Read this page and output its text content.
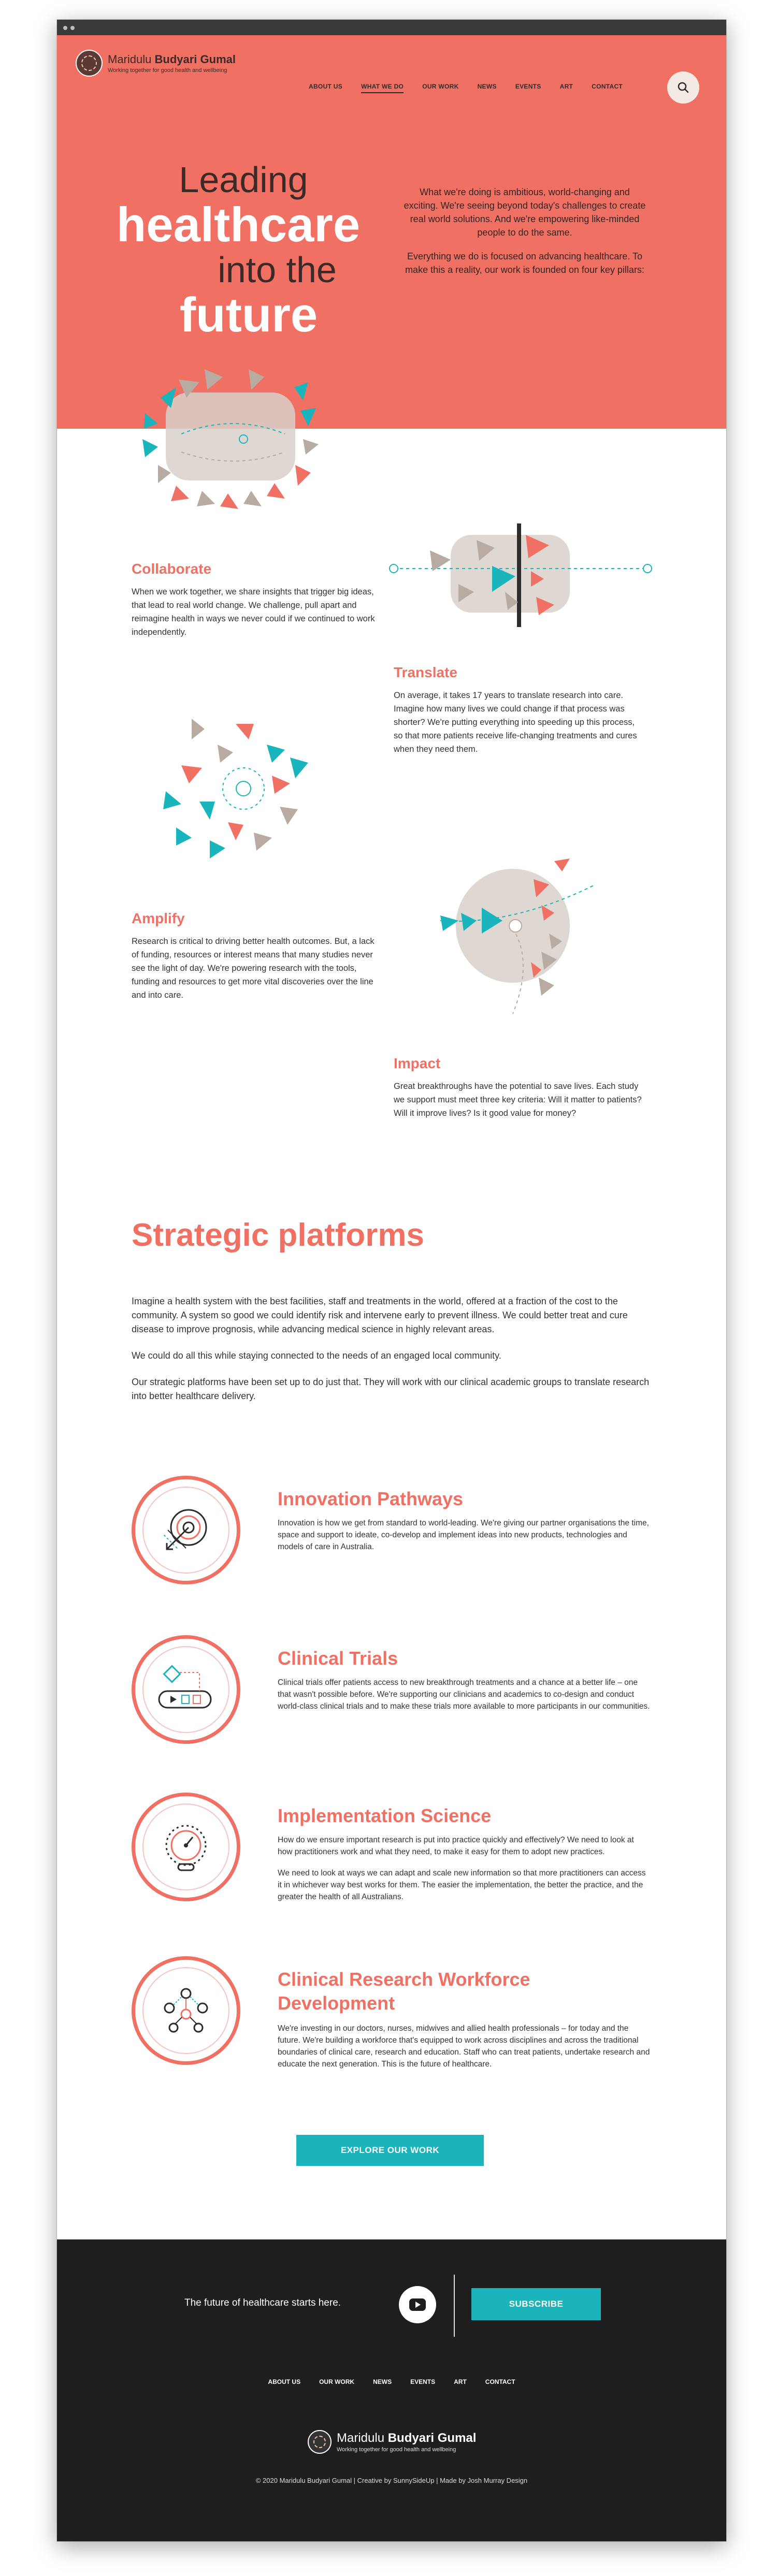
Maridulu Budyari Gumal
Working together for good health and wellbeing
ABOUT US	WHAT WE DO	OUR WORK	NEWS	EVENTS	ART	CONTACT
Leading
healthcare
into the
future

What we're doing is ambitious, world-changing and exciting. We're seeing beyond today's challenges to create real world solutions. And we're empowering like-minded people to do the same.

Everything we do is focused on advancing healthcare. To make this a reality, our work is founded on four key pillars:

Collaborate

When we work together, we share insights that trigger big ideas, that lead to real world change. We challenge, pull apart and reimagine health in ways we never could if we continued to work independently.

Translate

On average, it takes 17 years to translate research into care. Imagine how many lives we could change if that process was shorter? We're putting everything into speeding up this process, so that more patients receive life-changing treatments and cures when they need them.

Amplify

Research is critical to driving better health outcomes. But, a lack of funding, resources or interest means that many studies never see the light of day. We're powering research with the tools, funding and resources to get more vital discoveries over the line and into care.

Impact

Great breakthroughs have the potential to save lives. Each study we support must meet three key criteria: Will it matter to patients? Will it improve lives? Is it good value for money?

Strategic platforms

Imagine a health system with the best facilities, staff and treatments in the world, offered at a fraction of the cost to the community. A system so good we could identify risk and intervene early to prevent illness. We could better treat and cure disease to improve prognosis, while advancing medical science in highly relevant areas.

We could do all this while staying connected to the needs of an engaged local community.

Our strategic platforms have been set up to do just that. They will work with our clinical academic groups to translate research into better healthcare delivery.

Innovation Pathways

Innovation is how we get from standard to world-leading. We're giving our partner organisations the time, space and support to ideate, co-develop and implement ideas into new products, technologies and models of care in Australia.

Clinical Trials

Clinical trials offer patients access to new breakthrough treatments and a chance at a better life – one that wasn't possible before. We're supporting our clinicians and academics to co-design and conduct world-class clinical trials and to make these trials more available to more participants in our communities.

Implementation Science

How do we ensure important research is put into practice quickly and effectively? We need to look at how practitioners work and what they need, to make it easy for them to adopt new practices.

We need to look at ways we can adapt and scale new information so that more practitioners can access it in whichever way best works for them. The easier the implementation, the better the practice, and the greater the health of all Australians.

Clinical Research Workforce Development

We're investing in our doctors, nurses, midwives and allied health professionals – for today and the future. We're building a workforce that's equipped to work across disciplines and across the traditional boundaries of clinical care, research and education. Staff who can treat patients, undertake research and educate the next generation. This is the future of healthcare.

EXPLORE OUR WORK
The future of healthcare starts here.	SUBSCRIBE
ABOUT US	OUR WORK	NEWS	EVENTS	ART	CONTACT
Maridulu Budyari Gumal
Working together for good health and wellbeing
© 2020 Maridulu Budyari Gumal | Creative by SunnySideUp | Made by Josh Murray Design
